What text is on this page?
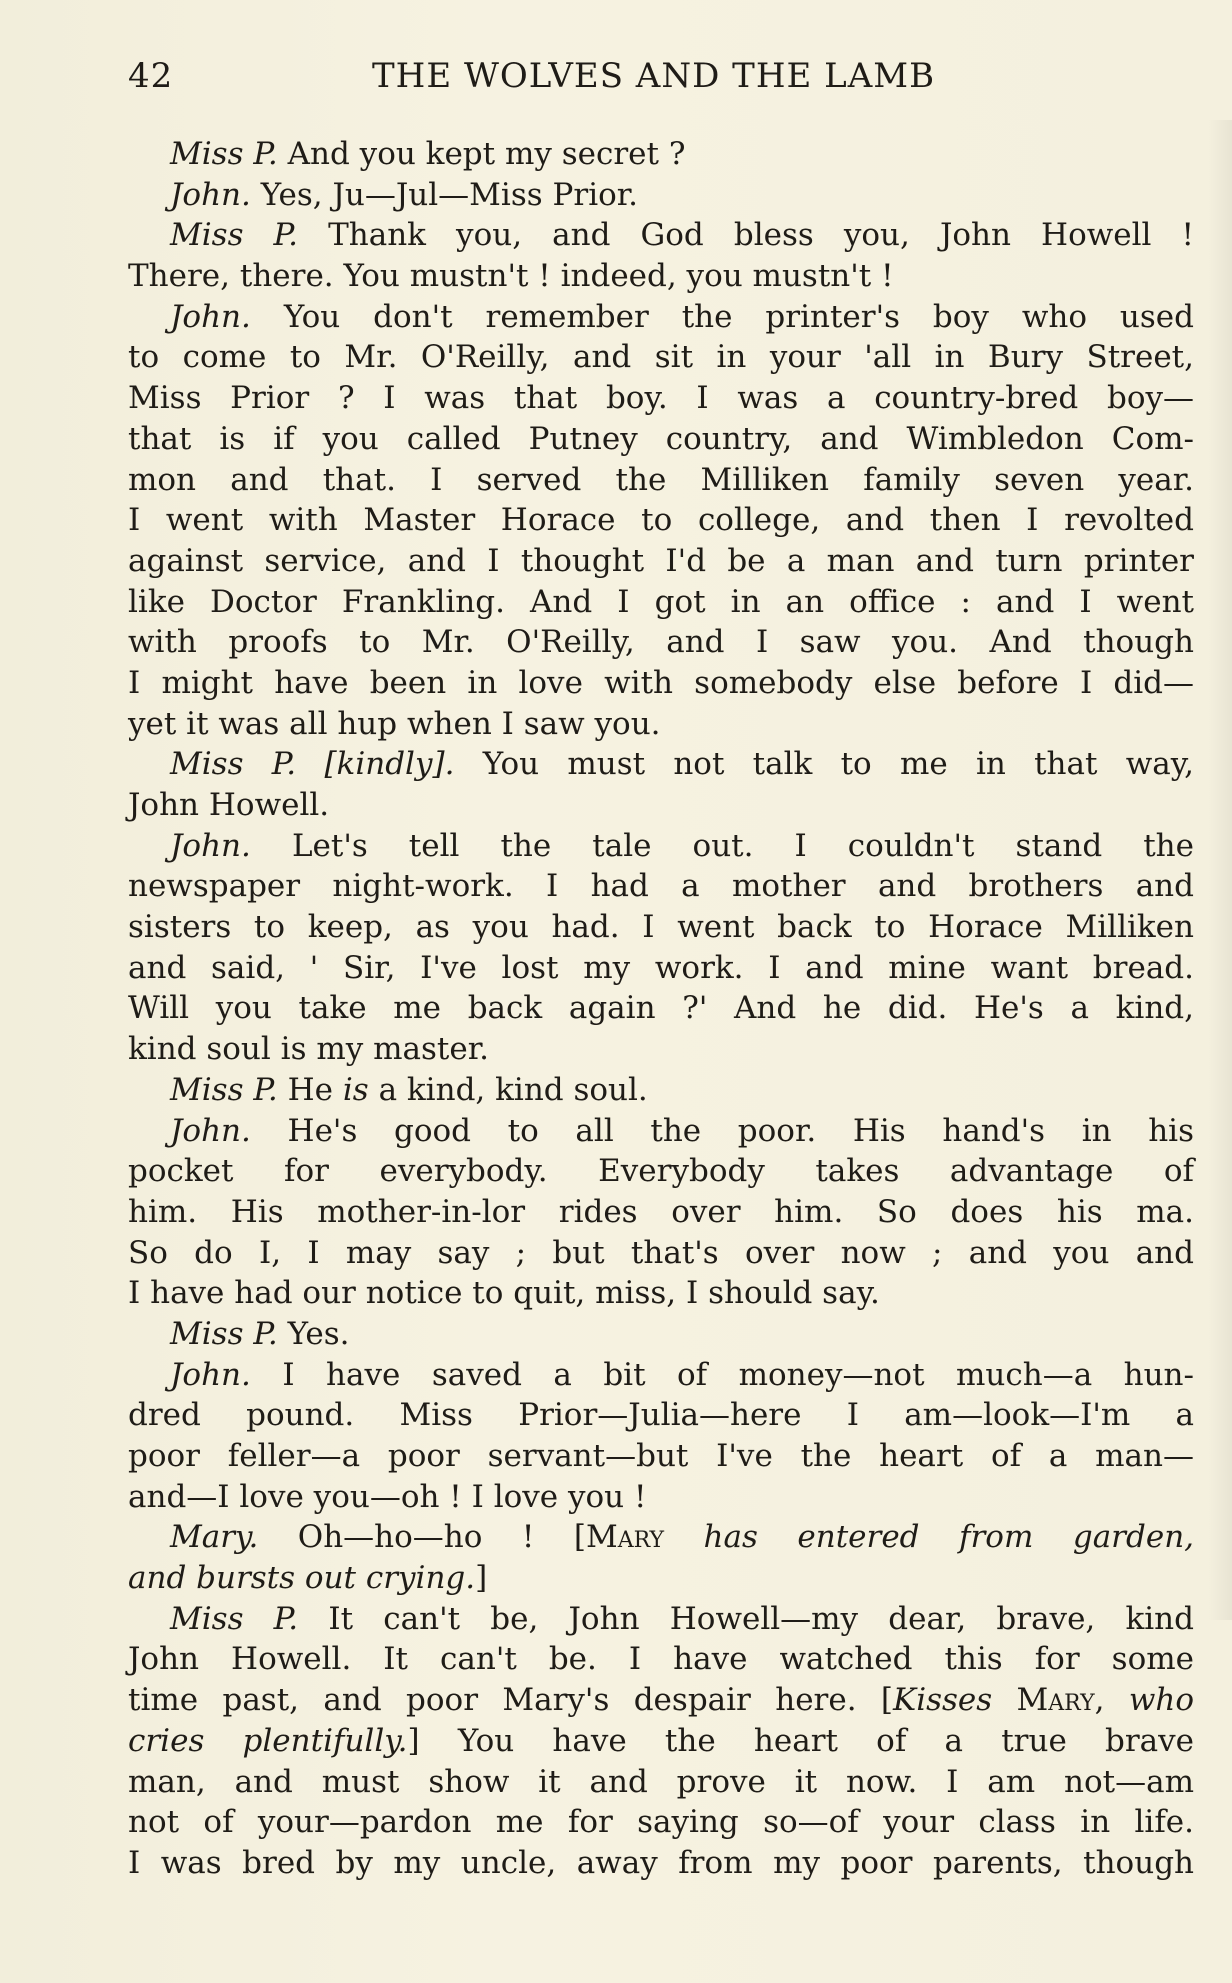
42	THE WOLVES AND THE LAMB
Miss P. And you kept my secret ?
John. Yes, Ju—Jul—Miss Prior.
Miss P. Thank you, and God bless you, John Howell !
There, there. You mustn't ! indeed, you mustn't !
John. You don't remember the printer's boy who used
to come to Mr. O'Reilly, and sit in your 'all in Bury Street,
Miss Prior ? I was that boy. I was a country-bred boy—
that is if you called Putney country, and Wimbledon Com-
mon and that. I served the Milliken family seven year.
I went with Master Horace to college, and then I revolted
against service, and I thought I'd be a man and turn printer
like Doctor Frankling. And I got in an office : and I went
with proofs to Mr. O'Reilly, and I saw you. And though
I might have been in love with somebody else before I did—
yet it was all hup when I saw you.
Miss P. [kindly]. You must not talk to me in that way,
John Howell.
John. Let's tell the tale out. I couldn't stand the
newspaper night-work. I had a mother and brothers and
sisters to keep, as you had. I went back to Horace Milliken
and said, ' Sir, I've lost my work. I and mine want bread.
Will you take me back again ?' And he did. He's a kind,
kind soul is my master.
Miss P. He is a kind, kind soul.
John. He's good to all the poor. His hand's in his
pocket for everybody. Everybody takes advantage of
him. His mother-in-lor rides over him. So does his ma.
So do I, I may say ; but that's over now ; and you and
I have had our notice to quit, miss, I should say.
Miss P. Yes.
John. I have saved a bit of money—not much—a hun-
dred pound. Miss Prior—Julia—here I am—look—I'm a
poor feller—a poor servant—but I've the heart of a man—
and—I love you—oh ! I love you !
Mary. Oh—ho—ho ! [Mary has entered from garden,
and bursts out crying.]
Miss P. It can't be, John Howell—my dear, brave, kind
John Howell. It can't be. I have watched this for some
time past, and poor Mary's despair here. [Kisses Mary, who
cries plentifully.] You have the heart of a true brave
man, and must show it and prove it now. I am not—am
not of your—pardon me for saying so—of your class in life.
I was bred by my uncle, away from my poor parents, though
